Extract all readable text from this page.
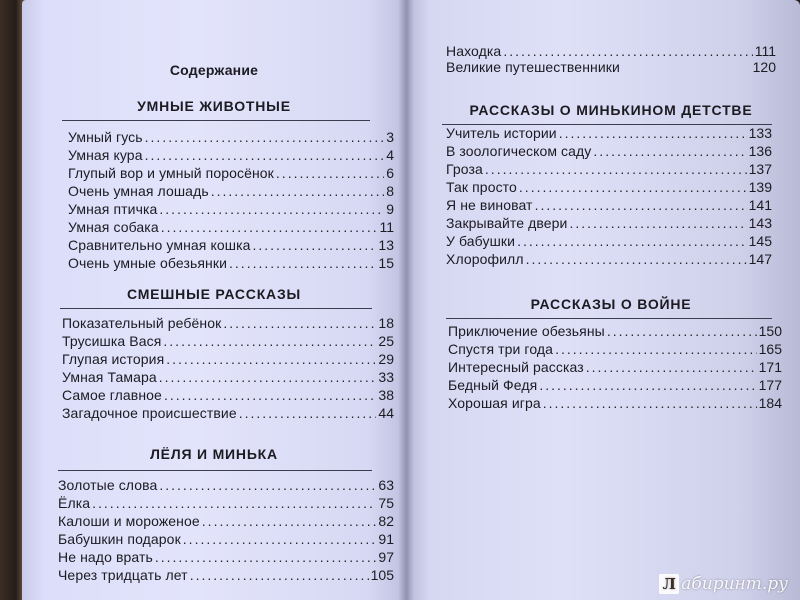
Содержание
УМНЫЕ ЖИВОТНЫЕ
Умный гусь .....	3
Умная кура .....	4
Глупый вор и умный поросёнок .....	6
Очень умная лошадь .....	8
Умная птичка .....	9
Умная собака .....	11
Сравнительно умная кошка .....	13
Очень умные обезьянки .....	15
СМЕШНЫЕ РАССКАЗЫ
Показательный ребёнок .....	18
Трусишка Вася .....	25
Глупая история .....	29
Умная Тамара .....	33
Самое главное .....	38
Загадочное происшествие .....	44
ЛЁЛЯ И МИНЬКА
Золотые слова .....	63
Ёлка .....	75
Калоши и мороженое .....	82
Бабушкин подарок .....	91
Не надо врать .....	97
Через тридцать лет .....	105
Находка .....	111
Великие путешественники	120
РАССКАЗЫ О МИНЬКИНОМ ДЕТСТВЕ
Учитель истории .....	133
В зоологическом саду .....	136
Гроза .....	137
Так просто .....	139
Я не виноват .....	141
Закрывайте двери .....	143
У бабушки .....	145
Хлорофилл .....	147
РАССКАЗЫ О ВОЙНЕ
Приключение обезьяны .....	150
Спустя три года .....	165
Интересный рассказ .....	171
Бедный Федя .....	177
Хорошая игра .....	184
Л абиринт.ру
